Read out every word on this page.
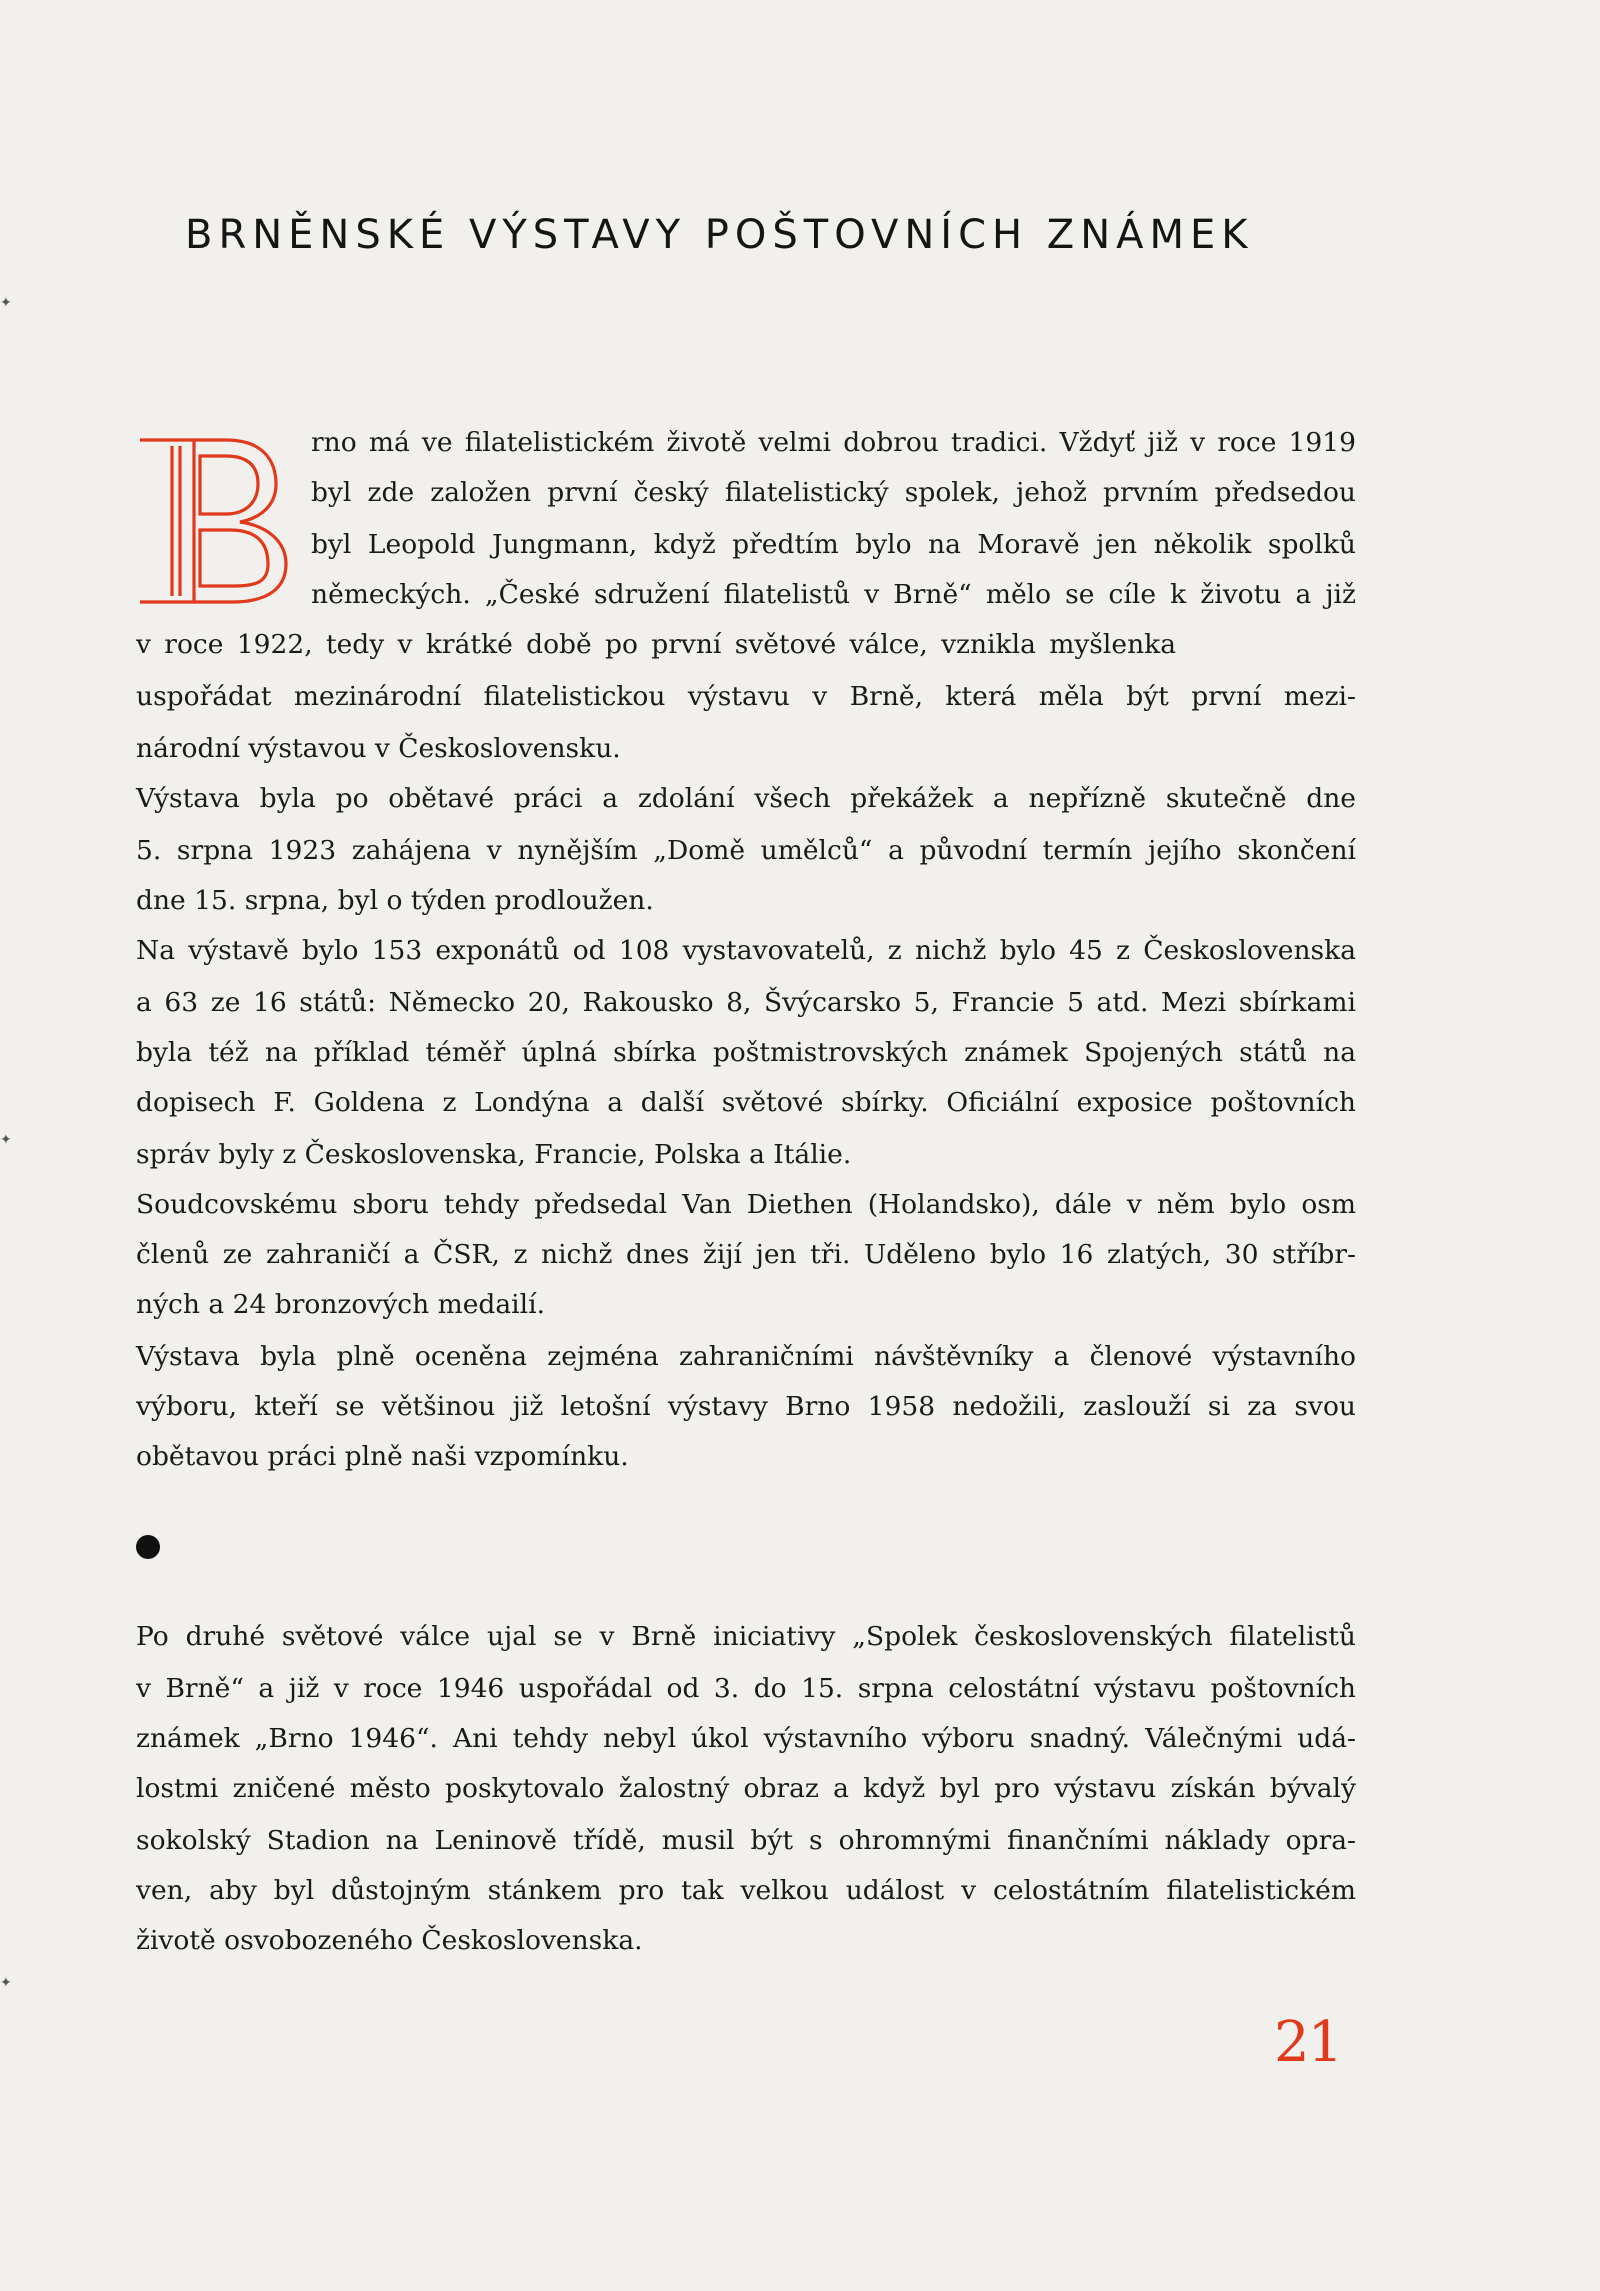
✦
✦
✦
BRNĚNSKÉ VÝSTAVY POŠTOVNÍCH ZNÁMEK
rno má ve filatelistickém životě velmi dobrou tradici. Vždyť již v roce 1919
byl zde založen první český filatelistický spolek, jehož prvním předsedou
byl Leopold Jungmann, když předtím bylo na Moravě jen několik spolků
německých. „České sdružení filatelistů v Brně“ mělo se cíle k životu a již
v roce 1922, tedy v krátké době po první světové válce, vznikla myšlenka
uspořádat mezinárodní filatelistickou výstavu v Brně, která měla být první mezi-
národní výstavou v Československu.
Výstava byla po obětavé práci a zdolání všech překážek a nepřízně skutečně dne
5. srpna 1923 zahájena v nynějším „Domě umělců“ a původní termín jejího skončení
dne 15. srpna, byl o týden prodloužen.
Na výstavě bylo 153 exponátů od 108 vystavovatelů, z nichž bylo 45 z Československa
a 63 ze 16 států: Německo 20, Rakousko 8, Švýcarsko 5, Francie 5 atd. Mezi sbírkami
byla též na příklad téměř úplná sbírka poštmistrovských známek Spojených států na
dopisech F. Goldena z Londýna a další světové sbírky. Oficiální exposice poštovních
správ byly z Československa, Francie, Polska a Itálie.
Soudcovskému sboru tehdy předsedal Van Diethen (Holandsko), dále v něm bylo osm
členů ze zahraničí a ČSR, z nichž dnes žijí jen tři. Uděleno bylo 16 zlatých, 30 stříbr-
ných a 24 bronzových medailí.
Výstava byla plně oceněna zejména zahraničními návštěvníky a členové výstavního
výboru, kteří se většinou již letošní výstavy Brno 1958 nedožili, zaslouží si za svou
obětavou práci plně naši vzpomínku.
Po druhé světové válce ujal se v Brně iniciativy „Spolek československých filatelistů
v Brně“ a již v roce 1946 uspořádal od 3. do 15. srpna celostátní výstavu poštovních
známek „Brno 1946“. Ani tehdy nebyl úkol výstavního výboru snadný. Válečnými udá-
lostmi zničené město poskytovalo žalostný obraz a když byl pro výstavu získán bývalý
sokolský Stadion na Leninově třídě, musil být s ohromnými finančními náklady opra-
ven, aby byl důstojným stánkem pro tak velkou událost v celostátním filatelistickém
životě osvobozeného Československa.
21
